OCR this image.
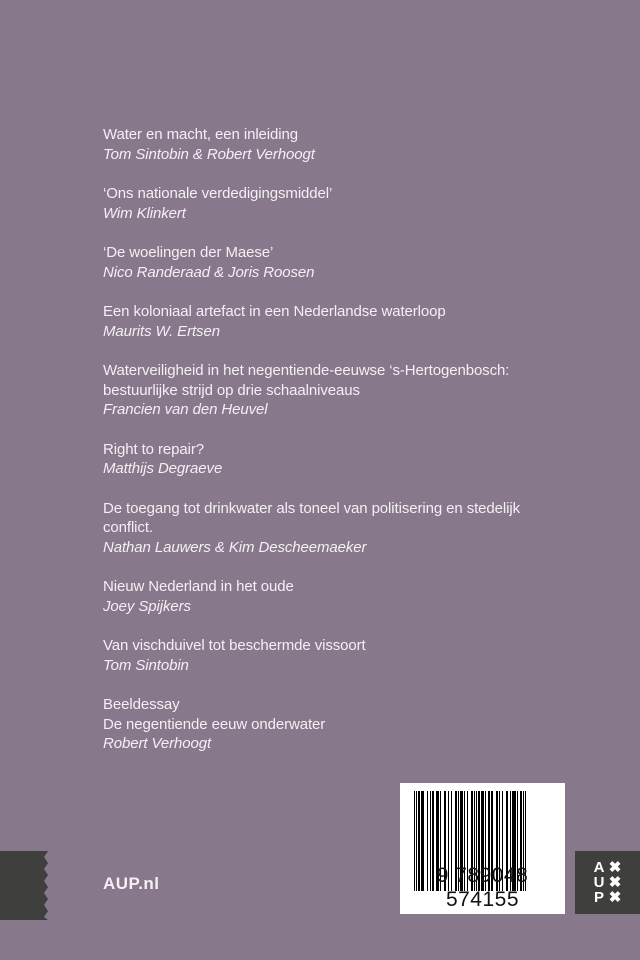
Water en macht, een inleiding
Tom Sintobin & Robert Verhoogt
‘Ons nationale verdedigingsmiddel’
Wim Klinkert
‘De woelingen der Maese’
Nico Randeraad & Joris Roosen
Een koloniaal artefact in een Nederlandse waterloop
Maurits W. Ertsen
Waterveiligheid in het negentiende-eeuwse ‘s-Hertogenbosch:
bestuurlijke strijd op drie schaalniveaus
Francien van den Heuvel
Right to repair?
Matthijs Degraeve
De toegang tot drinkwater als toneel van politisering en stedelijk
conflict.
Nathan Lauwers & Kim Descheemaeker
Nieuw Nederland in het oude
Joey Spijkers
Van vischduivel tot beschermde vissoort
Tom Sintobin
Beeldessay
De negentiende eeuw onderwater
Robert Verhoogt
AUP.nl	9 789048 574155
A ✖
U ✖
P ✖
